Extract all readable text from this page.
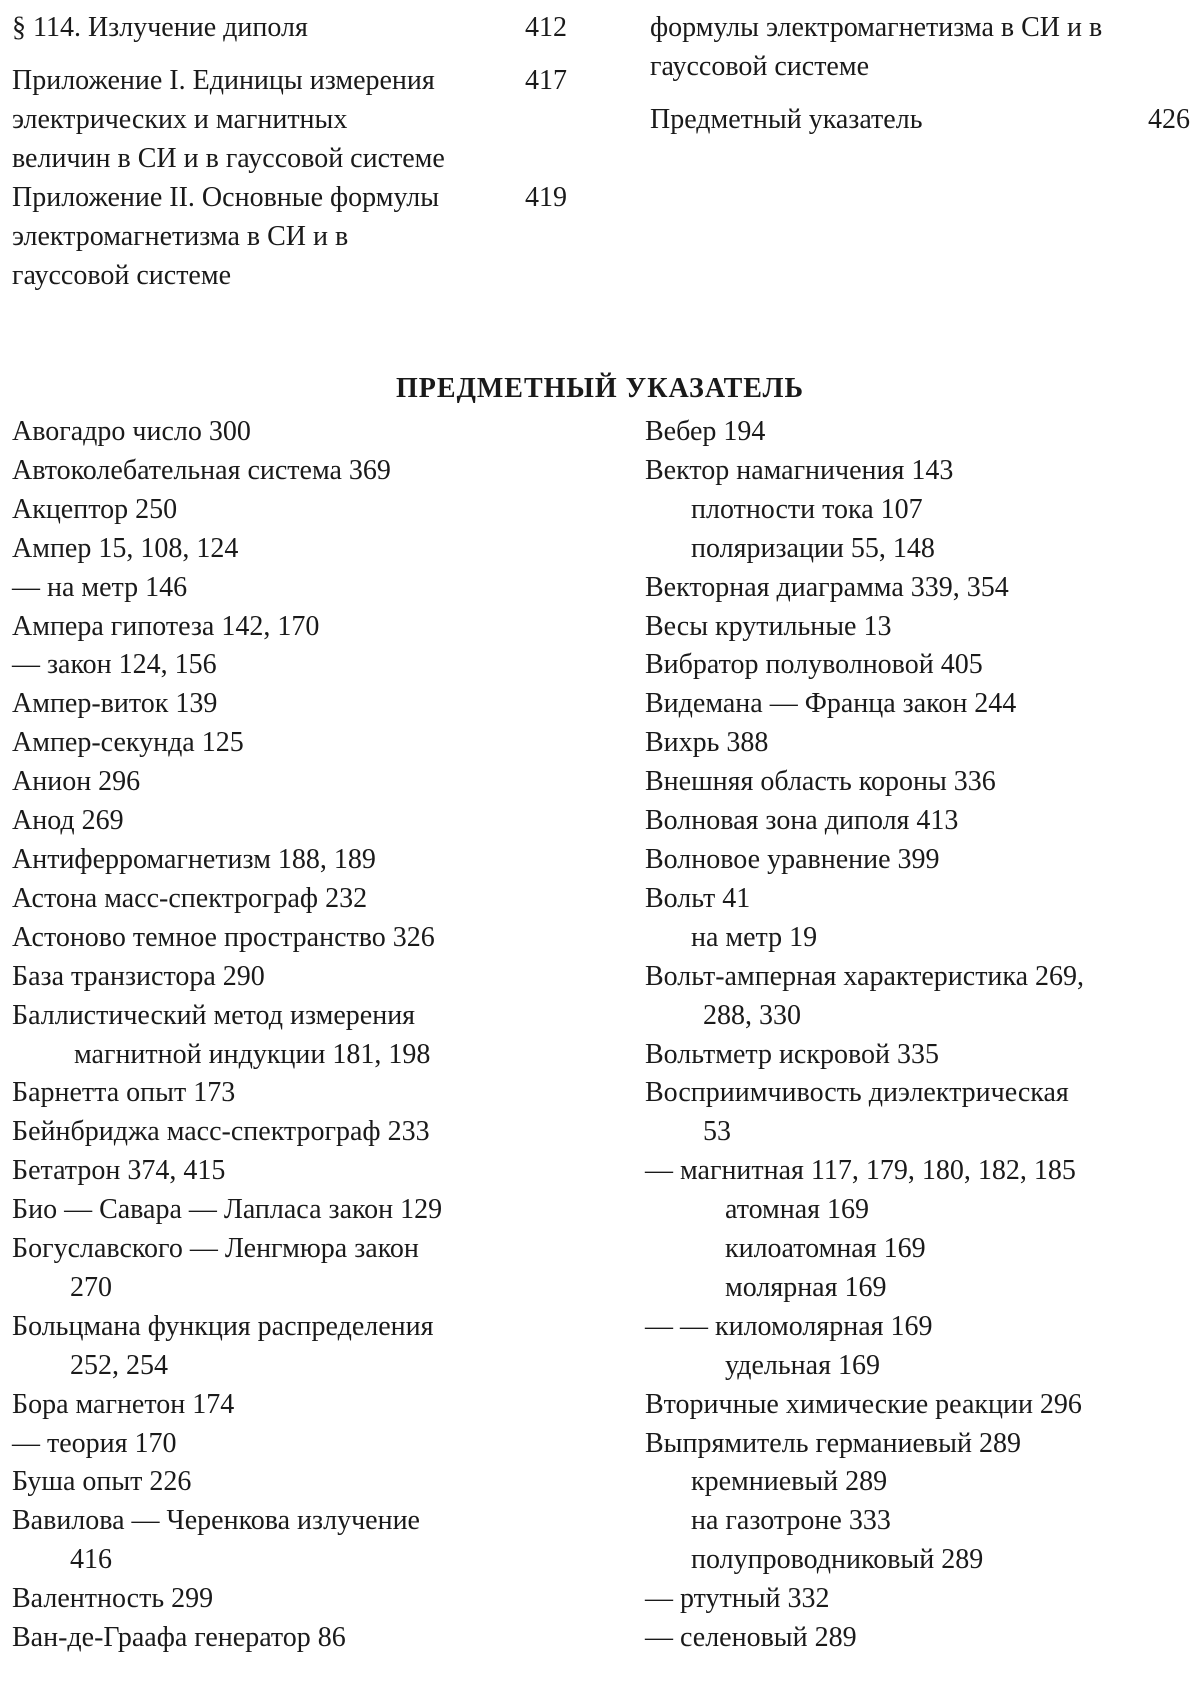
§ 114. Излучение диполя	412
Приложение I. Единицы измерения электрических и магнитных величин в СИ и в гауссовой системе
417
Приложение II. Основные формулы электромагнетизма в СИ и в гауссовой системе
419
формулы электромагнетизма в СИ и в гауссовой системе
Предметный указатель	426
ПРЕДМЕТНЫЙ УКАЗАТЕЛЬ
Авогадро число 300
Автоколебательная система 369
Акцептор 250
Ампер 15, 108, 124
— на метр 146
Ампера гипотеза 142, 170
— закон 124, 156
Ампер-виток 139
Ампер-секунда 125
Анион 296
Анод 269
Антиферромагнетизм 188, 189
Астона масс-спектрограф 232
Астоново темное пространство 326
База транзистора 290
Баллистический метод измерения
магнитной индукции 181, 198
Барнетта опыт 173
Бейнбриджа масс-спектрограф 233
Бетатрон 374, 415
Био — Савара — Лапласа закон 129
Богуславского — Ленгмюра закон
270
Больцмана функция распределения
252, 254
Бора магнетон 174
— теория 170
Буша опыт 226
Вавилова — Черенкова излучение
416
Валентность 299
Ван-де-Граафа генератор 86
Вебер 194
Вектор намагничения 143
плотности тока 107
поляризации 55, 148
Векторная диаграмма 339, 354
Весы крутильные 13
Вибратор полуволновой 405
Видемана — Франца закон 244
Вихрь 388
Внешняя область короны 336
Волновая зона диполя 413
Волновое уравнение 399
Вольт 41
на метр 19
Вольт-амперная характеристика 269,
288, 330
Вольтметр искровой 335
Восприимчивость диэлектрическая
53
— магнитная 117, 179, 180, 182, 185
атомная 169
килоатомная 169
молярная 169
— — киломолярная 169
удельная 169
Вторичные химические реакции 296
Выпрямитель германиевый 289
кремниевый 289
на газотроне 333
полупроводниковый 289
— ртутный 332
— селеновый 289
